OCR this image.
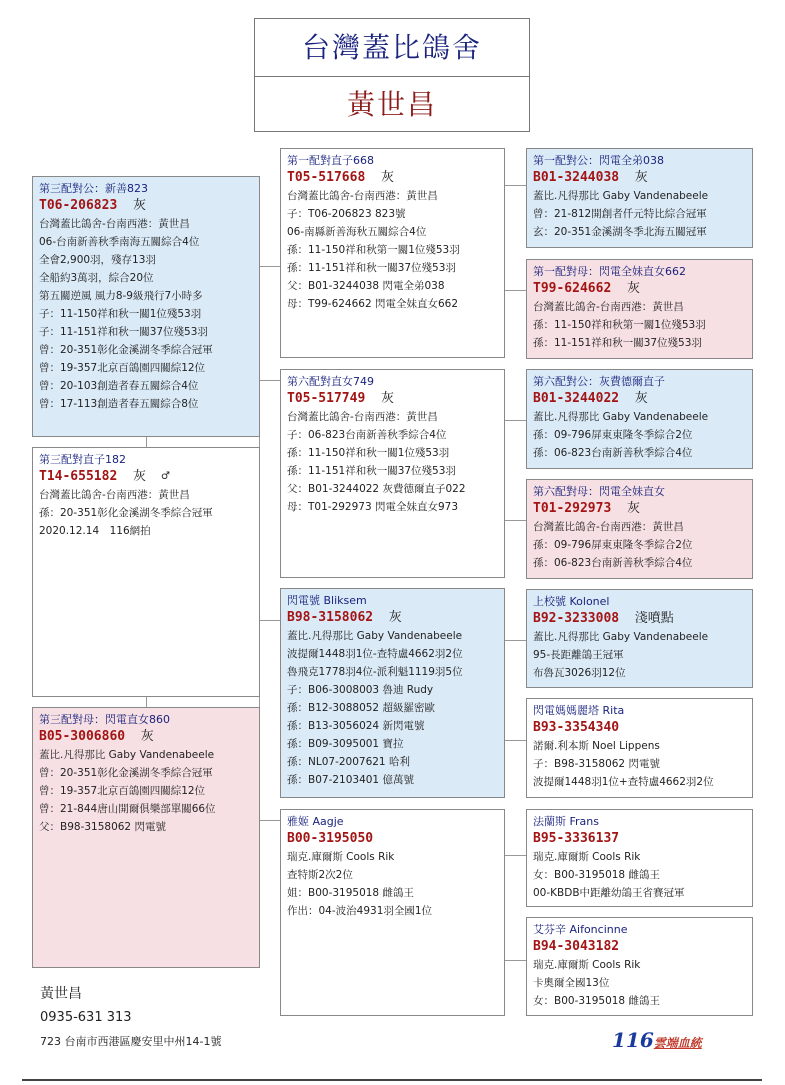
台灣蓋比鴿舍
黃世昌
第三配對公：新善823
T06-206823 灰
台灣蓋比鴿舍-台南西港：黃世昌
06-台南新善秋季南海五關綜合4位
全會2,900羽，殘存13羽
全船約3萬羽，綜合20位
第五關逆風 風力8-9級飛行7小時多
子：11-150祥和秋一關1位殘53羽
子：11-151祥和秋一關37位殘53羽
曾：20-351彰化金溪湖冬季綜合冠軍
曾：19-357北京百鴿園四關綜12位
曾：20-103創造者春五關綜合4位
曾：17-113創造者春五關綜合8位
第三配對直子182
T14-655182 灰 ♂
台灣蓋比鴿舍-台南西港：黃世昌
孫：20-351彰化金溪湖冬季綜合冠軍
2020.12.14　116網拍
第三配對母：閃電直女860
B05-3006860 灰
蓋比.凡得那比 Gaby Vandenabeele
曾：20-351彰化金溪湖冬季綜合冠軍
曾：19-357北京百鴿園四關綜12位
曾：21-844唐山開爾俱樂部單關66位
父：B98-3158062 閃電號
第一配對直子668
T05-517668 灰
台灣蓋比鴿舍-台南西港：黃世昌
子：T06-206823 823號
06-南縣新善海秋五關綜合4位
孫：11-150祥和秋第一關1位殘53羽
孫：11-151祥和秋一關37位殘53羽
父：B01-3244038 閃電全弟038
母：T99-624662 閃電全妹直女662
第六配對直女749
T05-517749 灰
台灣蓋比鴿舍-台南西港：黃世昌
子：06-823台南新善秋季綜合4位
孫：11-150祥和秋一關1位殘53羽
孫：11-151祥和秋一關37位殘53羽
父：B01-3244022 灰費德爾直子022
母：T01-292973 閃電全妹直女973
閃電號 Bliksem
B98-3158062 灰
蓋比.凡得那比 Gaby Vandenabeele
波提爾1448羽1位-查特盧4662羽2位
魯飛克1778羽4位-派利魁1119羽5位
子：B06-3008003 魯迪 Rudy
孫：B12-3088052 超級羅密歐
孫：B13-3056024 新閃電號
孫：B09-3095001 寶拉
孫：NL07-2007621 哈利
孫：B07-2103401 億萬號
雅姬 Aagje
B00-3195050
瑞克.庫爾斯 Cools Rik
查特斯2次2位
姐：B00-3195018 雌鴿王
作出：04-波治4931羽全國1位
第一配對公：閃電全弟038
B01-3244038 灰
蓋比.凡得那比 Gaby Vandenabeele
曾：21-812開創者仟元特比綜合冠軍
玄：20-351金溪湖冬季北海五關冠軍
第一配對母：閃電全妹直女662
T99-624662 灰
台灣蓋比鴿舍-台南西港：黃世昌
孫：11-150祥和秋第一關1位殘53羽
孫：11-151祥和秋一關37位殘53羽
第六配對公：灰費德爾直子
B01-3244022 灰
蓋比.凡得那比 Gaby Vandenabeele
孫：09-796屏東東隆冬季綜合2位
孫：06-823台南新善秋季綜合4位
第六配對母：閃電全妹直女
T01-292973 灰
台灣蓋比鴿舍-台南西港：黃世昌
孫：09-796屏東東隆冬季綜合2位
孫：06-823台南新善秋季綜合4位
上校號 Kolonel
B92-3233008 淺噴點
蓋比.凡得那比 Gaby Vandenabeele
95-長距離鴿王冠軍
布魯瓦3026羽12位
閃電媽媽麗塔 Rita
B93-3354340
諾爾.利本斯 Noel Lippens
子：B98-3158062 閃電號
波提爾1448羽1位+查特盧4662羽2位
法蘭斯 Frans
B95-3336137
瑞克.庫爾斯 Cools Rik
女：B00-3195018 雌鴿王
00-KBDB中距離幼鴿王省賽冠軍
艾芬辛 Aifoncinne
B94-3043182
瑞克.庫爾斯 Cools Rik
卡奧爾全國13位
女：B00-3195018 雌鴿王
黃世昌
0935-631 313
723 台南市西港區慶安里中州14-1號	116雲端血統
